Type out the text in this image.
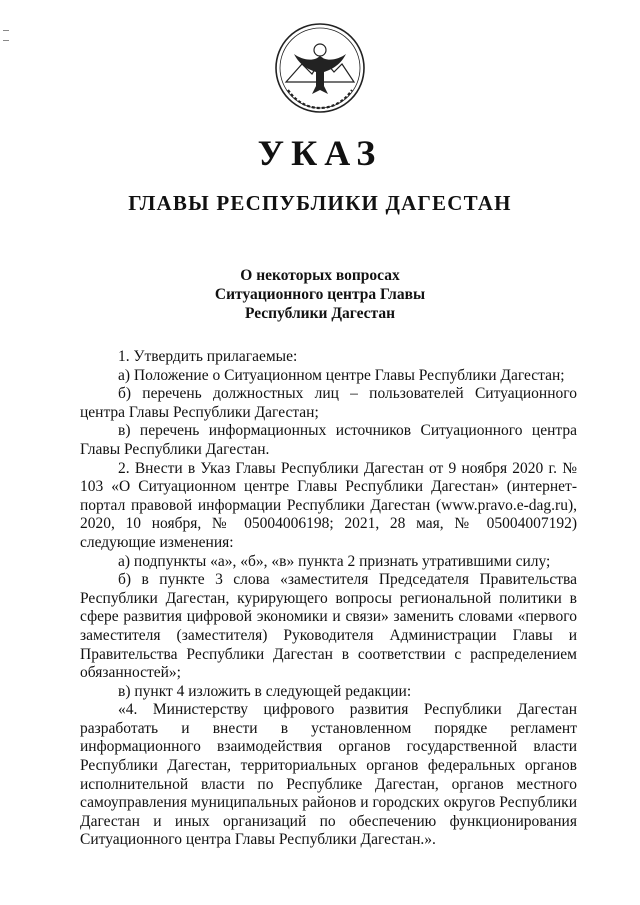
УКАЗ
ГЛАВЫ РЕСПУБЛИКИ ДАГЕСТАН
О некоторых вопросах
Ситуационного центра Главы
Республики Дагестан

1. Утвердить прилагаемые:

а) Положение о Ситуационном центре Главы Республики Дагестан;

б) перечень должностных лиц – пользователей Ситуационного центра Главы Республики Дагестан;

в) перечень информационных источников Ситуационного центра Главы Республики Дагестан.

2. Внести в Указ Главы Республики Дагестан от 9 ноября 2020 г. № 103 «О Ситуационном центре Главы Республики Дагестан» (интернет-портал правовой информации Республики Дагестан (www.pravo.e-dag.ru), 2020, 10 ноября, № 05004006198; 2021, 28 мая, № 05004007192) следующие изменения:

а) подпункты «а», «б», «в» пункта 2 признать утратившими силу;

б) в пункте 3 слова «заместителя Председателя Правительства Республики Дагестан, курирующего вопросы региональной политики в сфере развития цифровой экономики и связи» заменить словами «первого заместителя (заместителя) Руководителя Администрации Главы и Правительства Республики Дагестан в соответствии с распределением обязанностей»;

в) пункт 4 изложить в следующей редакции:

«4. Министерству цифрового развития Республики Дагестан разработать и внести в установленном порядке регламент информационного взаимодействия органов государственной власти Республики Дагестан, территориальных органов федеральных органов исполнительной власти по Республике Дагестан, органов местного самоуправления муниципальных районов и городских округов Республики Дагестан и иных организаций по обеспечению функционирования Ситуационного центра Главы Республики Дагестан.».
